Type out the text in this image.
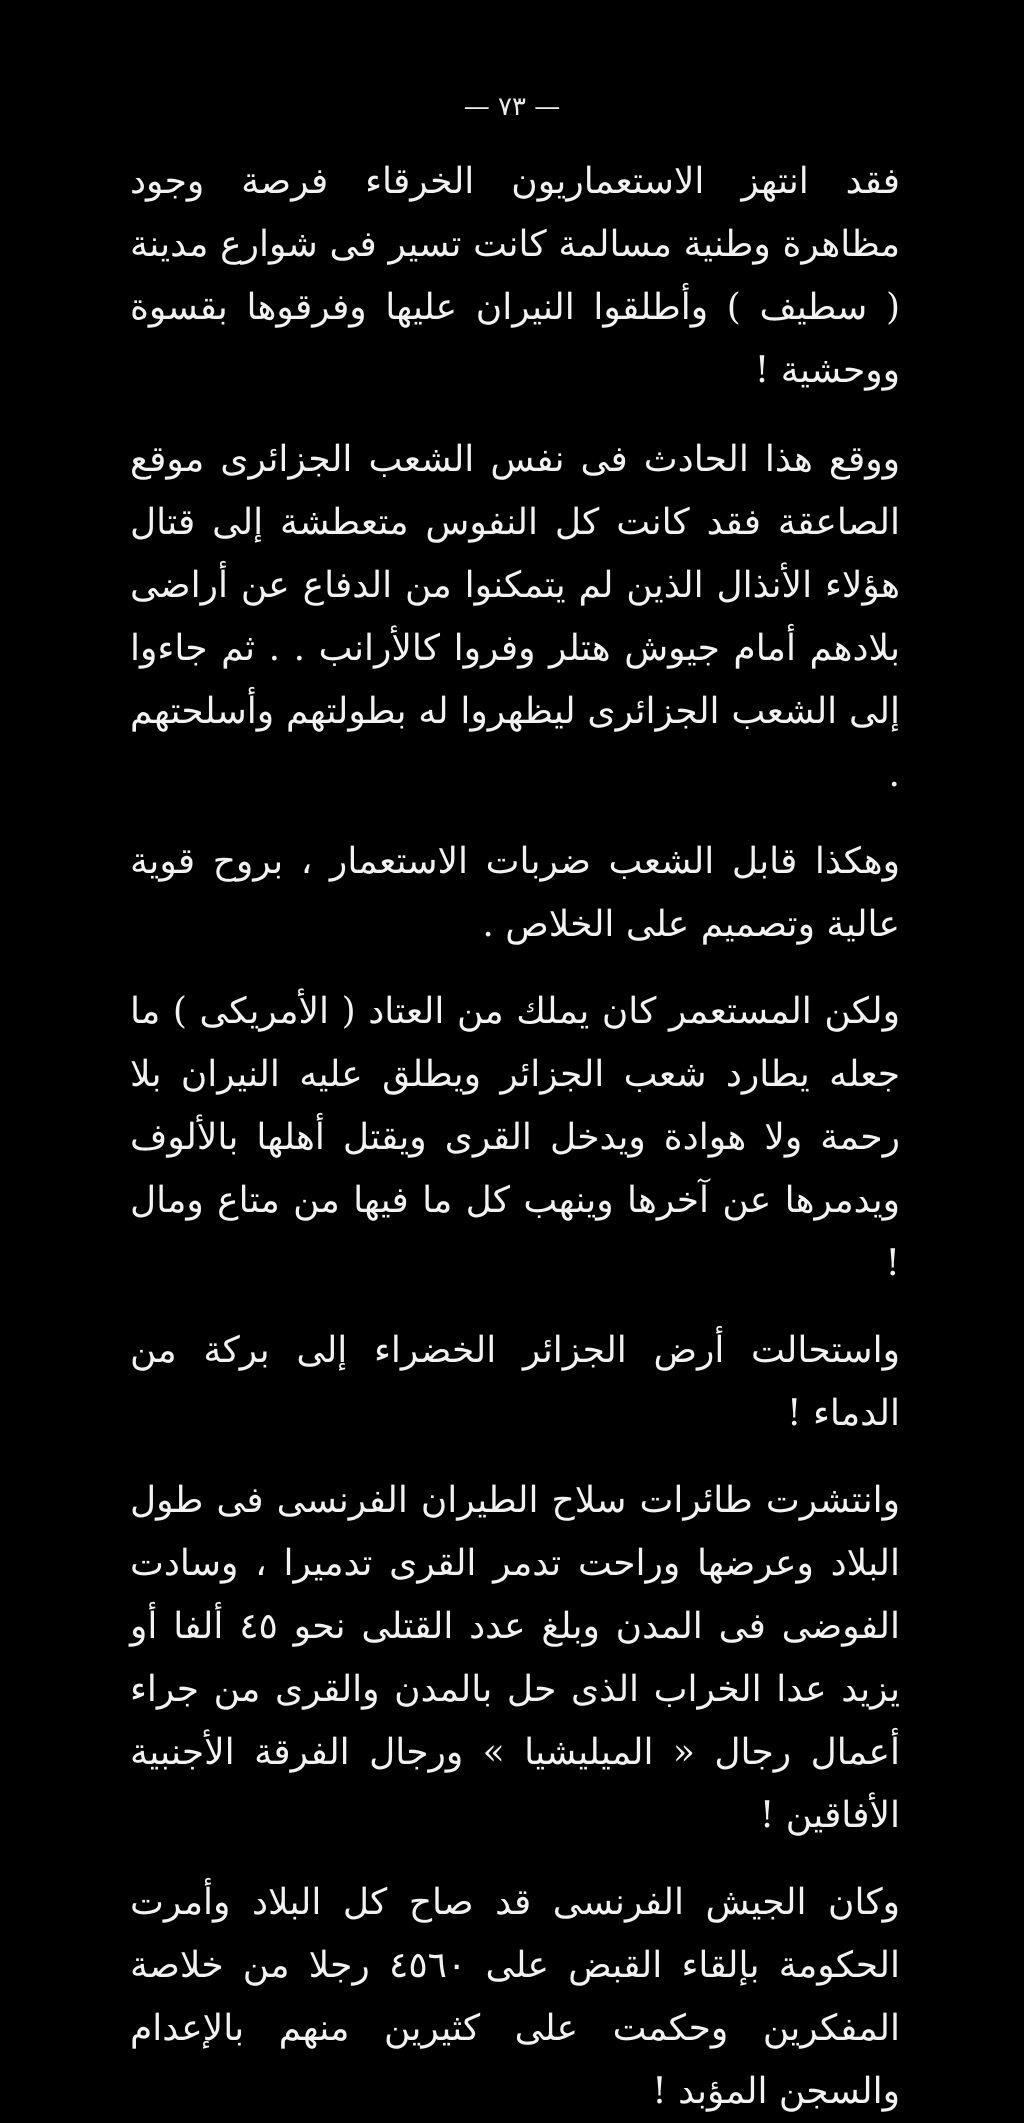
— ٧٣ —

فقد انتهز الاستعماريون الخرقاء فرصة وجود مظاهرة وطنية مسالمة كانت تسير فى شوارع مدينة ( سطيف ) وأطلقوا النيران عليها وفرقوها بقسوة ووحشية !

ووقع هذا الحادث فى نفس الشعب الجزائرى موقع الصاعقة فقد كانت كل النفوس متعطشة إلى قتال هؤلاء الأنذال الذين لم يتمكنوا من الدفاع عن أراضى بلادهم أمام جيوش هتلر وفروا كالأرانب . . ثم جاءوا إلى الشعب الجزائرى ليظهروا له بطولتهم وأسلحتهم .

وهكذا قابل الشعب ضربات الاستعمار ، بروح قوية عالية وتصميم على الخلاص .

ولكن المستعمر كان يملك من العتاد ( الأمريكى ) ما جعله يطارد شعب الجزائر ويطلق عليه النيران بلا رحمة ولا هوادة ويدخل القرى ويقتل أهلها بالألوف ويدمرها عن آخرها وينهب كل ما فيها من متاع ومال !

واستحالت أرض الجزائر الخضراء إلى بركة من الدماء !

وانتشرت طائرات سلاح الطيران الفرنسى فى طول البلاد وعرضها وراحت تدمر القرى تدميرا ، وسادت الفوضى فى المدن وبلغ عدد القتلى نحو ٤٥ ألفا أو يزيد عدا الخراب الذى حل بالمدن والقرى من جراء أعمال رجال « الميليشيا » ورجال الفرقة الأجنبية الأفاقين !

وكان الجيش الفرنسى قد صاح كل البلاد وأمرت الحكومة بإلقاء القبض على ٤٥٦٠ رجلا من خلاصة المفكرين وحكمت على كثيرين منهم بالإعدام والسجن المؤبد !
